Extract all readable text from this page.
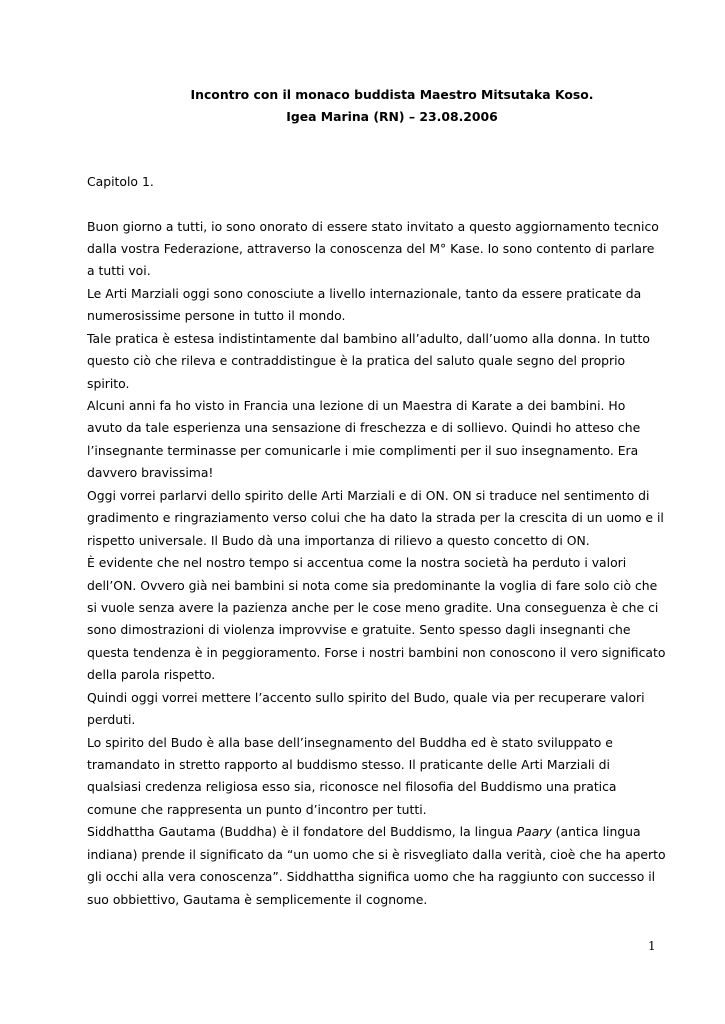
Incontro con il monaco buddista Maestro Mitsutaka Koso.
Igea Marina (RN) – 23.08.2006
Capitolo 1.
Buon giorno a tutti, io sono onorato di essere stato invitato a questo aggiornamento tecnico
dalla vostra Federazione, attraverso la conoscenza del M° Kase. Io sono contento di parlare
a tutti voi.
Le Arti Marziali oggi sono conosciute a livello internazionale, tanto da essere praticate da
numerosissime persone in tutto il mondo.
Tale pratica è estesa indistintamente dal bambino all’adulto, dall’uomo alla donna. In tutto
questo ciò che rileva e contraddistingue è la pratica del saluto quale segno del proprio
spirito.
Alcuni anni fa ho visto in Francia una lezione di un Maestra di Karate a dei bambini. Ho
avuto da tale esperienza una sensazione di freschezza e di sollievo. Quindi ho atteso che
l’insegnante terminasse per comunicarle i mie complimenti per il suo insegnamento. Era
davvero bravissima!
Oggi vorrei parlarvi dello spirito delle Arti Marziali e di ON. ON si traduce nel sentimento di
gradimento e ringraziamento verso colui che ha dato la strada per la crescita di un uomo e il
rispetto universale. Il Budo dà una importanza di rilievo a questo concetto di ON.
È evidente che nel nostro tempo si accentua come la nostra società ha perduto i valori
dell’ON. Ovvero già nei bambini si nota come sia predominante la voglia di fare solo ciò che
si vuole senza avere la pazienza anche per le cose meno gradite. Una conseguenza è che ci
sono dimostrazioni di violenza improvvise e gratuite. Sento spesso dagli insegnanti che
questa tendenza è in peggioramento. Forse i nostri bambini non conoscono il vero significato
della parola rispetto.
Quindi oggi vorrei mettere l’accento sullo spirito del Budo, quale via per recuperare valori
perduti.
Lo spirito del Budo è alla base dell’insegnamento del Buddha ed è stato sviluppato e
tramandato in stretto rapporto al buddismo stesso. Il praticante delle Arti Marziali di
qualsiasi credenza religiosa esso sia, riconosce nel filosofia del Buddismo una pratica
comune che rappresenta un punto d’incontro per tutti.
Siddhattha Gautama (Buddha) è il fondatore del Buddismo, la lingua Paary (antica lingua
indiana) prende il significato da “un uomo che si è risvegliato dalla verità, cioè che ha aperto
gli occhi alla vera conoscenza”. Siddhattha significa uomo che ha raggiunto con successo il
suo obbiettivo, Gautama è semplicemente il cognome.
1
